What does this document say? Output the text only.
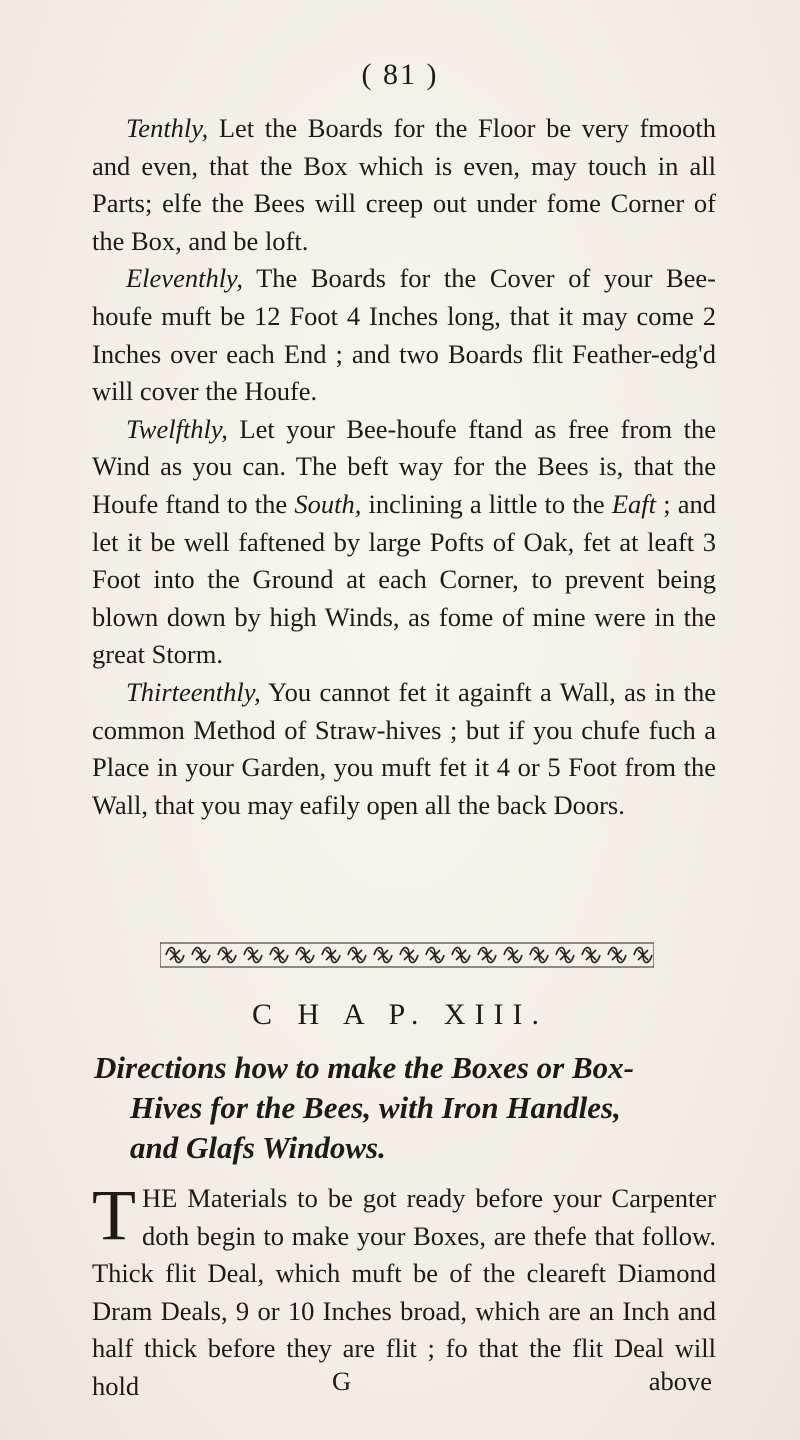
( 81 )

Tenthly, Let the Boards for the Floor be very fmooth and even, that the Box which is even, may touch in all Parts; elfe the Bees will creep out under fome Corner of the Box, and be loft.

Eleventhly, The Boards for the Cover of your Bee-houfe muft be 12 Foot 4 Inches long, that it may come 2 Inches over each End ; and two Boards flit Feather-edg'd will cover the Houfe.

Twelfthly, Let your Bee-houfe ftand as free from the Wind as you can. The beft way for the Bees is, that the Houfe ftand to the South, inclining a little to the Eaft ; and let it be well faftened by large Pofts of Oak, fet at leaft 3 Foot into the Ground at each Corner, to prevent being blown down by high Winds, as fome of mine were in the great Storm.

Thirteenthly, You cannot fet it againft a Wall, as in the common Method of Straw-hives ; but if you chufe fuch a Place in your Garden, you muft fet it 4 or 5 Foot from the Wall, that you may eafily open all the back Doors.

C H A P. XIII.
Directions how to make the Boxes or Box-
Hives for the Bees, with Iron Handles,
and Glafs Windows.

THE Materials to be got ready before your Carpenter doth begin to make your Boxes, are thefe that follow. Thick flit Deal, which muft be of the cleareft Diamond Dram Deals, 9 or 10 Inches broad, which are an Inch and half thick before they are flit ; fo that the flit Deal will hold	G	above
